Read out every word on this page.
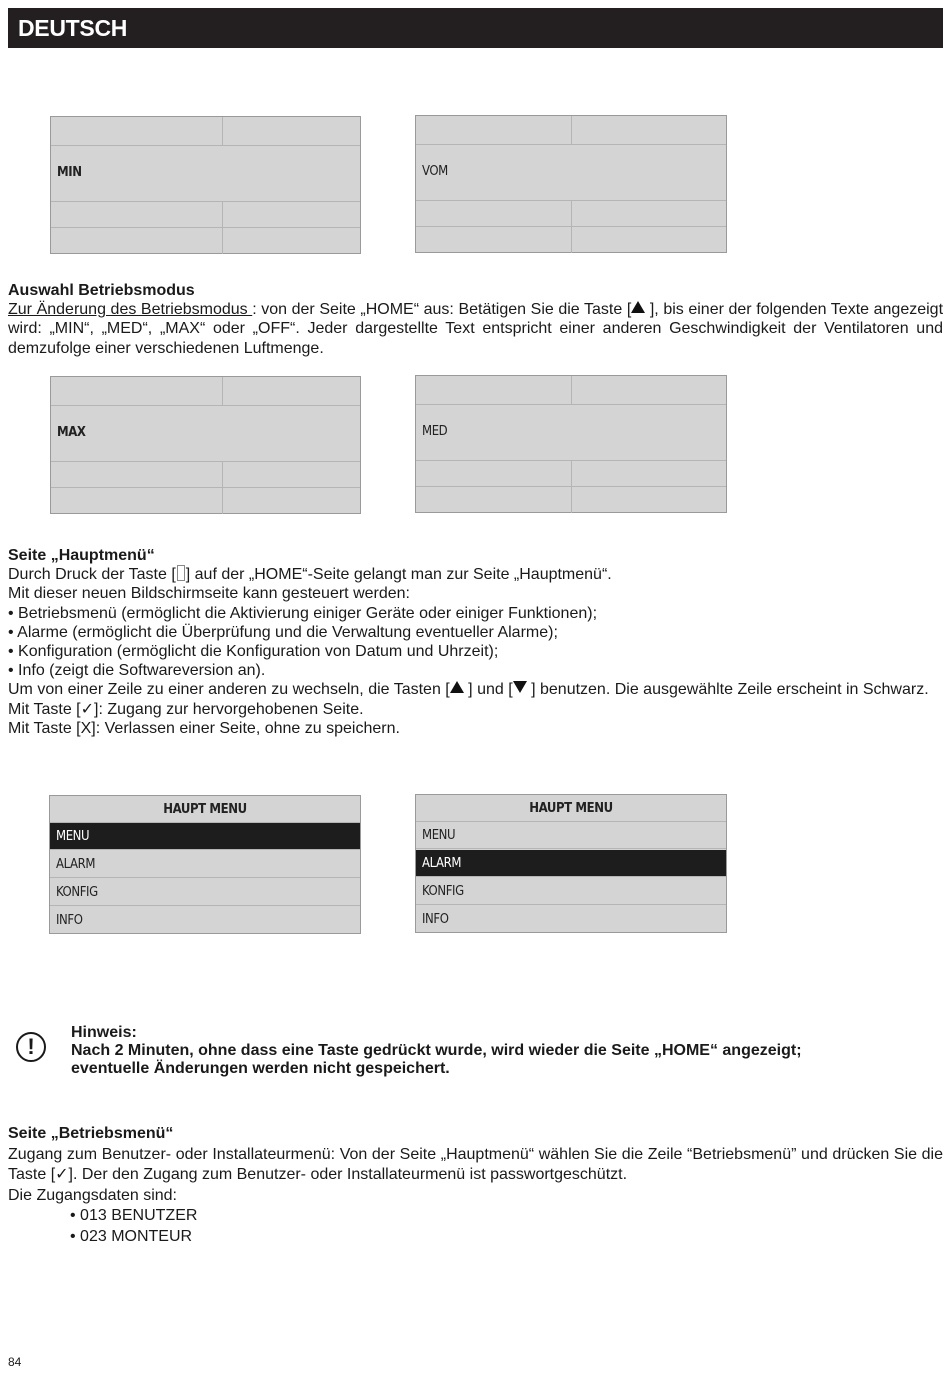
DEUTSCH
MIN	VOM

Auswahl Betriebsmodus

Zur Änderung des Betriebsmodus : von der Seite „HOME“ aus: Betätigen Sie die Taste [ ], bis einer der folgenden Texte angezeigt wird: „MIN“, „MED“, „MAX“ oder „OFF“. Jeder dargestellte Text entspricht einer anderen Geschwindigkeit der Ventilatoren und demzufolge einer verschiedenen Luftmenge.

MAX	MED

Seite „Hauptmenü“

Durch Druck der Taste [ ] auf der „HOME“-Seite gelangt man zur Seite „Hauptmenü“.

Mit dieser neuen Bildschirmseite kann gesteuert werden:

• Betriebsmenü (ermöglicht die Aktivierung einiger Geräte oder einiger Funktionen);

• Alarme (ermöglicht die Überprüfung und die Verwaltung eventueller Alarme);

• Konfiguration (ermöglicht die Konfiguration von Datum und Uhrzeit);

• Info (zeigt die Softwareversion an).

Um von einer Zeile zu einer anderen zu wechseln, die Tasten [ ] und [ ] benutzen. Die ausgewählte Zeile erscheint in Schwarz.

Mit Taste [✓]: Zugang zur hervorgehobenen Seite.

Mit Taste [X]: Verlassen einer Seite, ohne zu speichern.

HAUPT MENU
MENU
ALARM
KONFIG
INFO
HAUPT MENU
MENU
ALARM
KONFIG
INFO
!

Hinweis:

Nach 2 Minuten, ohne dass eine Taste gedrückt wurde, wird wieder die Seite „HOME“ angezeigt;

eventuelle Änderungen werden nicht gespeichert.

Seite „Betriebsmenü“

Zugang zum Benutzer- oder Installateurmenü: Von der Seite „Hauptmenü“ wählen Sie die Zeile “Betriebsmenü” und drücken Sie die Taste [✓]. Der den Zugang zum Benutzer- oder Installateurmenü ist passwortgeschützt.

Die Zugangsdaten sind:

• 013 BENUTZER

• 023 MONTEUR

84
